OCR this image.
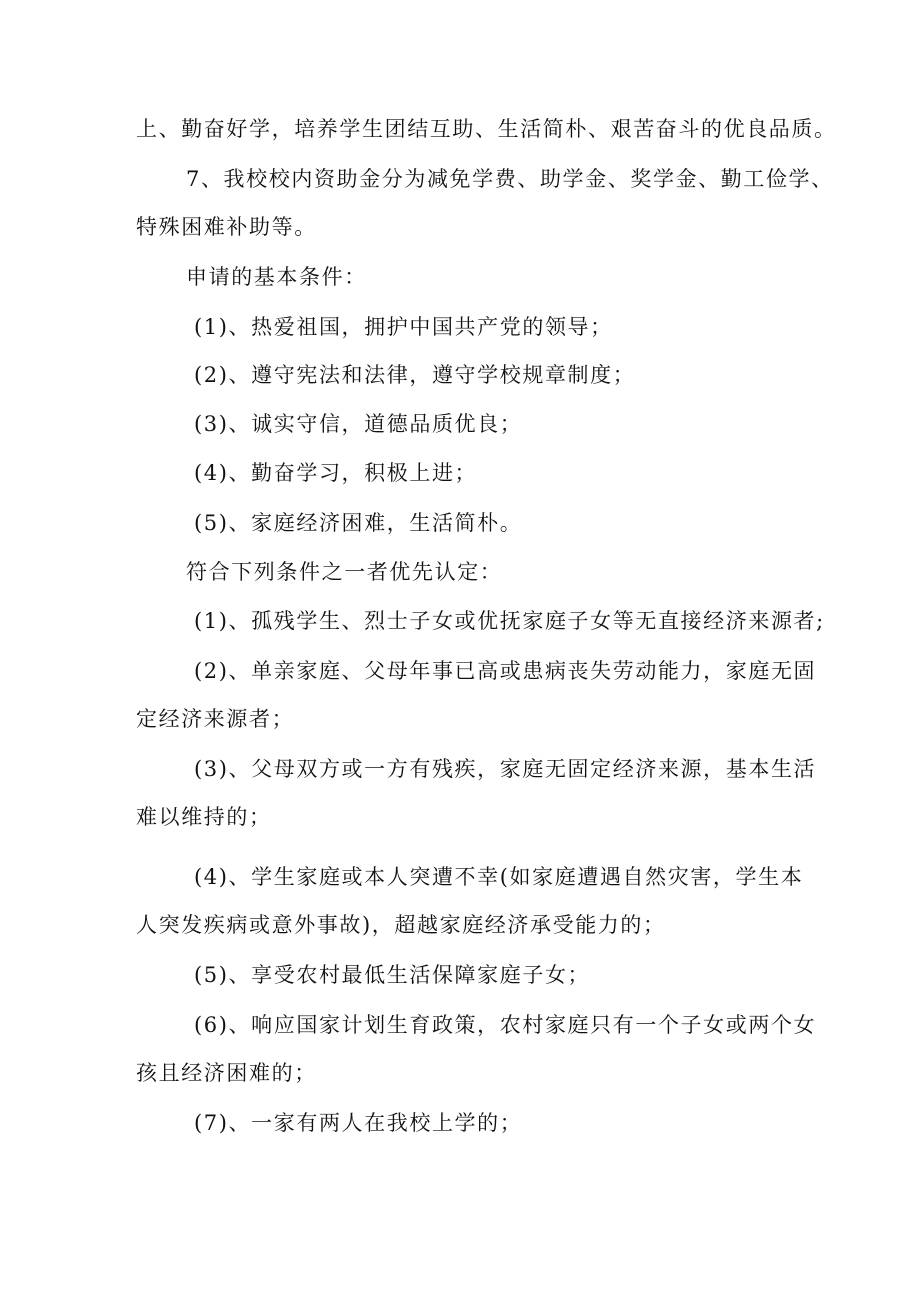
上、勤奋好学，培养学生团结互助、生活简朴、艰苦奋斗的优良品质。
7、我校校内资助金分为减免学费、助学金、奖学金、勤工俭学、
特殊困难补助等。
申请的基本条件：
(1)、热爱祖国，拥护中国共产党的领导；
(2)、遵守宪法和法律，遵守学校规章制度；
(3)、诚实守信，道德品质优良；
(4)、勤奋学习，积极上进；
(5)、家庭经济困难，生活简朴。
符合下列条件之一者优先认定：
(1)、孤残学生、烈士子女或优抚家庭子女等无直接经济来源者;
(2)、单亲家庭、父母年事已高或患病丧失劳动能力，家庭无固
定经济来源者；
(3)、父母双方或一方有残疾，家庭无固定经济来源，基本生活
难以维持的；
(4)、学生家庭或本人突遭不幸(如家庭遭遇自然灾害，学生本
人突发疾病或意外事故)，超越家庭经济承受能力的；
(5)、享受农村最低生活保障家庭子女；
(6)、响应国家计划生育政策，农村家庭只有一个子女或两个女
孩且经济困难的；
(7)、一家有两人在我校上学的；
